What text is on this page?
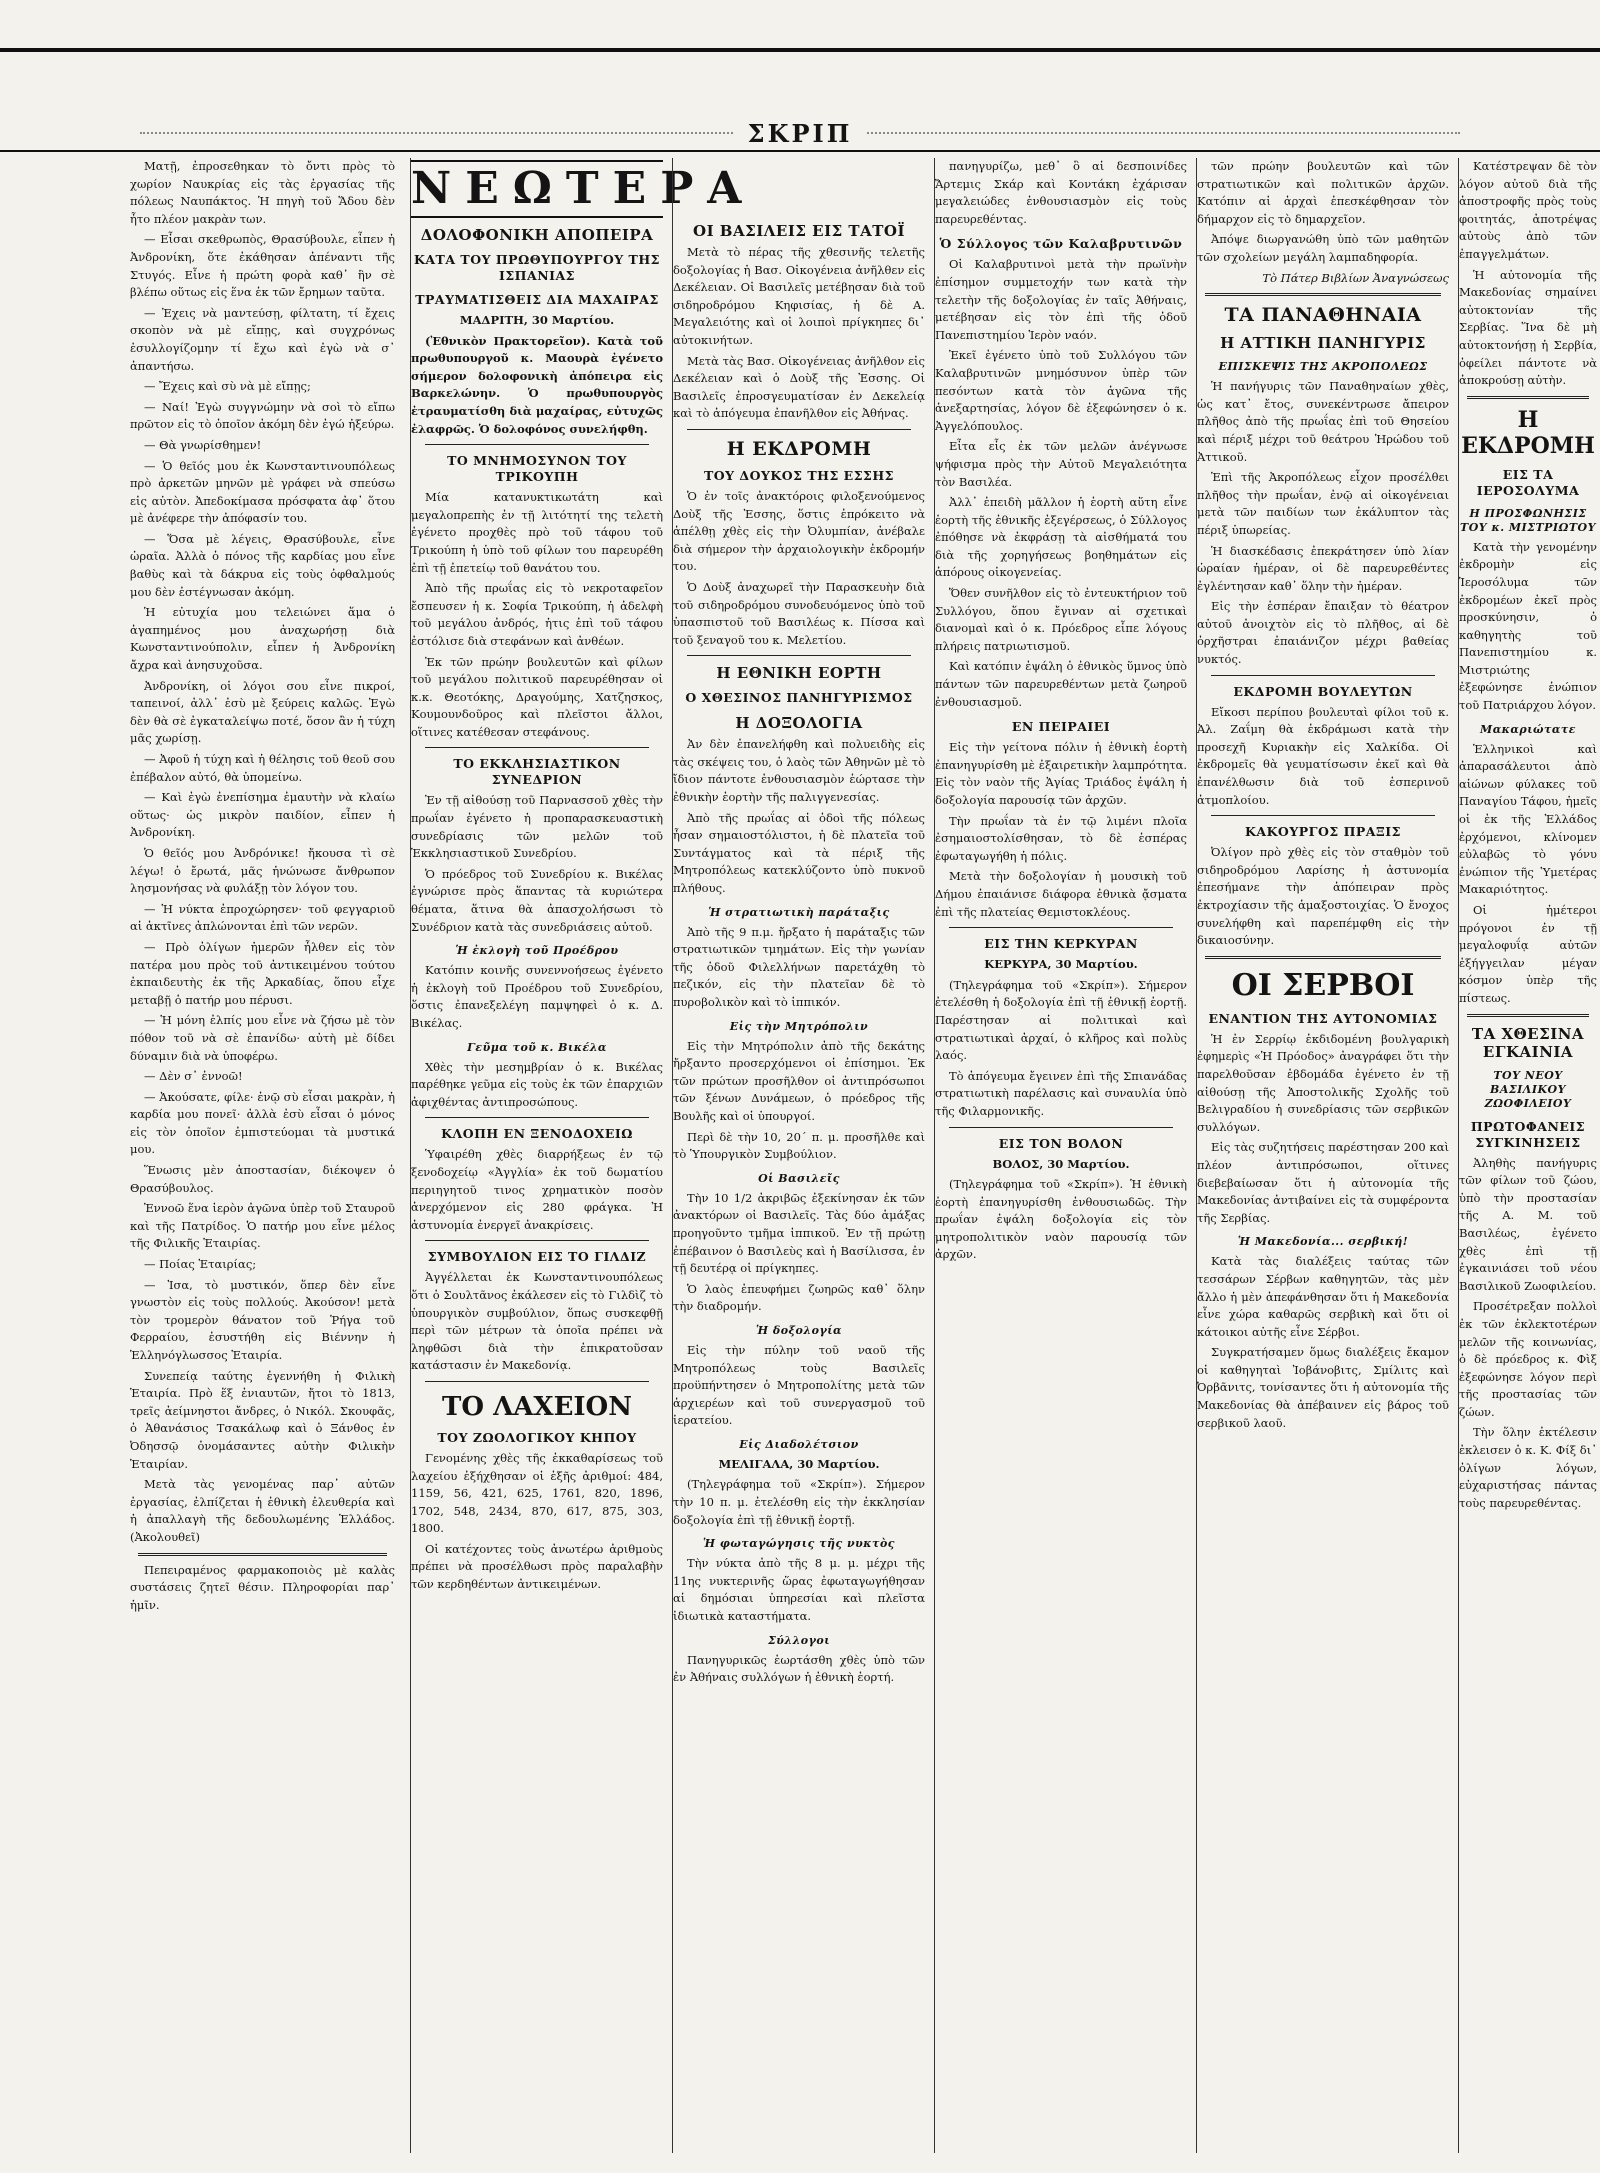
ΣΚΡΙΠ

Ματῇ, ἐπροσεθηκαν τὸ ὄντι πρὸς τὸ χωρίον Ναυκρίας εἰς τὰς ἐργασίας τῆς πόλεως Ναυπάκτος. Ἡ πηγὴ τοῦ Ἅδου δὲν ἦτο πλέον μακρὰν των.

— Εἶσαι σκεθρωπὸς, Θρασύβουλε, εἶπεν ἡ Ἀνδρονίκη, ὅτε ἐκάθησαν ἀπέναντι τῆς Στυγός. Εἶνε ἡ πρώτη φορὰ καθ᾽ ἣν σὲ βλέπω οὕτως εἰς ἕνα ἐκ τῶν ἔρημων ταῦτα.

— Ἐχεις νὰ μαντεύσῃ, φίλτατη, τί ἔχεις σκοπὸν νὰ μὲ εἴπῃς, καὶ συγχρόνως ἐσυλλογίζομην τί ἔχω καὶ ἐγὼ νὰ σ᾽ ἀπαντήσω.

— Ἔχεις καὶ σὺ νὰ μὲ εἴπῃς;

— Ναί! Ἐγὼ συγγνώμην νὰ σοὶ τὸ εἴπω πρῶτον εἰς τὸ ὁποῖον ἀκόμη δὲν ἐγώ ἠξεύρω.

— Θὰ γνωρίσθημεν!

— Ὁ θεῖός μου ἐκ Κωνσταντινουπόλεως πρὸ ἀρκετῶν μηνῶν μὲ γράφει νὰ σπεύσω εἰς αὐτὸν. Ἀπεδοκίμασα πρόσφατα ἀφ᾽ ὅτου μὲ ἀνέφερε τὴν ἀπόφασίν του.

— Ὅσα μὲ λέγεις, Θρασύβουλε, εἶνε ὡραῖα. Ἀλλὰ ὁ πόνος τῆς καρδίας μου εἶνε βαθὺς καὶ τὰ δάκρυα εἰς τοὺς ὀφθαλμούς μου δὲν ἐστέγνωσαν ἀκόμη.

Ἡ εὐτυχία μου τελειώνει ἅμα ὁ ἀγαπημένος μου ἀναχωρήσῃ διὰ Κωνσταντινούπολιν, εἶπεν ἡ Ἀνδρονίκη ἄχρα καὶ ἀνησυχοῦσα.

Ἀνδρονίκη, οἱ λόγοι σου εἶνε πικροί, ταπεινοί, ἀλλ᾽ ἐσὺ μὲ ξεύρεις καλῶς. Ἐγὼ δὲν θὰ σὲ ἐγκαταλείψω ποτέ, ὅσον ἂν ἡ τύχη μᾶς χωρίσῃ.

— Ἀφοῦ ἡ τύχη καὶ ἡ θέλησις τοῦ θεοῦ σου ἐπέβαλον αὐτό, θὰ ὑπομείνω.

— Καὶ ἐγὼ ἐνεπίσημα ἐμαυτὴν νὰ κλαίω οὕτως· ὡς μικρὸν παιδίον, εἶπεν ἡ Ἀνδρονίκη.

Ὁ θεῖός μου Ἀνδρόνικε! ἤκουσα τὶ σὲ λέγω! ὁ ἔρωτά, μᾶς ἠνώνωσε ἄνθρωπον λησμονήσας νὰ φυλάξῃ τὸν λόγον του.

— Ἡ νύκτα ἐπροχώρησεν· τοῦ φεγγαριοῦ αἱ ἀκτῖνες ἀπλώνονται ἐπὶ τῶν νερῶν.

— Πρὸ ὀλίγων ἡμερῶν ἦλθεν εἰς τὸν πατέρα μου πρὸς τοῦ ἀντικειμένου τούτου ἐκπαιδευτὴς ἐκ τῆς Ἀρκαδίας, ὅπου εἶχε μεταβῇ ὁ πατήρ μου πέρυσι.

— Ἡ μόνη ἐλπίς μου εἶνε νὰ ζήσω μὲ τὸν πόθον τοῦ νὰ σὲ ἐπανίδω· αὐτὴ μὲ δίδει δύναμιν διὰ νὰ ὑποφέρω.

— Δὲν σ᾽ ἐννοῶ!

— Ἀκούσατε, φίλε· ἐνῷ σὺ εἶσαι μακρὰν, ἡ καρδία μου πονεῖ· ἀλλὰ ἐσὺ εἶσαι ὁ μόνος εἰς τὸν ὁποῖον ἐμπιστεύομαι τὰ μυστικά μου.

Ἕνωσις μὲν ἀποστασίαν, διέκοψεν ὁ Θρασύβουλος.

Ἐννοῶ ἕνα ἱερὸν ἀγῶνα ὑπὲρ τοῦ Σταυροῦ καὶ τῆς Πατρίδος. Ὁ πατήρ μου εἶνε μέλος τῆς Φιλικῆς Ἑταιρίας.

— Ποίας Ἑταιρίας;

— Ἰσα, τὸ μυστικόν, ὅπερ δὲν εἶνε γνωστὸν εἰς τοὺς πολλούς. Ἀκούσον! μετὰ τὸν τρομερὸν θάνατον τοῦ Ῥήγα τοῦ Φερραίου, ἐσυστήθη εἰς Βιέννην ἡ Ἑλληνόγλωσσος Ἑταιρία.

Συνεπείᾳ ταύτης ἐγεννήθη ἡ Φιλικὴ Ἑταιρία. Πρὸ ἕξ ἐνιαυτῶν, ἤτοι τὸ 1813, τρεῖς ἀείμνηστοι ἄνδρες, ὁ Νικόλ. Σκουφᾶς, ὁ Ἀθανάσιος Τσακάλωφ καὶ ὁ Ξάνθος ἐν Ὀδησσῷ ὀνομάσαντες αὐτὴν Φιλικὴν Ἑταιρίαν.

Μετὰ τὰς γενομένας παρ᾽ αὐτῶν ἐργασίας, ἐλπίζεται ἡ ἐθνικὴ ἐλευθερία καὶ ἡ ἀπαλλαγὴ τῆς δεδουλωμένης Ἑλλάδος. (Ἀκολουθεῖ)

Πεπειραμένος φαρμακοποιὸς μὲ καλὰς συστάσεις ζητεῖ θέσιν. Πληροφορίαι παρ᾽ ἡμῖν.

ΝΕΩΤΕΡΑ
ΔΟΛΟΦΟΝΙΚΗ ΑΠΟΠΕΙΡΑ
ΚΑΤΑ ΤΟΥ ΠΡΩΘΥΠΟΥΡΓΟΥ ΤΗΣ ΙΣΠΑΝΙΑΣ
ΤΡΑΥΜΑΤΙΣΘΕΙΣ ΔΙΑ ΜΑΧΑΙΡΑΣ

ΜΑΔΡΙΤΗ, 30 Μαρτίου.

(Ἐθνικὸν Πρακτορεῖον). Κατὰ τοῦ πρωθυπουργοῦ κ. Μαουρὰ ἐγένετο σήμερον δολοφονικὴ ἀπόπειρα εἰς Βαρκελώνην. Ὁ πρωθυπουργὸς ἐτραυματίσθη διὰ μαχαίρας, εὐτυχῶς ἐλαφρῶς. Ὁ δολοφόνος συνελήφθη.

ΤΟ ΜΝΗΜΟΣΥΝΟΝ ΤΟΥ ΤΡΙΚΟΥΠΗ

Μία κατανυκτικωτάτη καὶ μεγαλοπρεπὴς ἐν τῇ λιτότητί της τελετὴ ἐγένετο προχθὲς πρὸ τοῦ τάφου τοῦ Τρικούπη ἡ ὑπὸ τοῦ φίλων του παρευρέθη ἐπὶ τῇ ἐπετείῳ τοῦ θανάτου του.

Ἀπὸ τῆς πρωΐας εἰς τὸ νεκροταφεῖον ἔσπευσεν ἡ κ. Σοφία Τρικούπη, ἡ ἀδελφὴ τοῦ μεγάλου ἀνδρός, ἡτις ἐπὶ τοῦ τάφου ἐστόλισε διὰ στεφάνων καὶ ἀνθέων.

Ἐκ τῶν πρώην βουλευτῶν καὶ φίλων τοῦ μεγάλου πολιτικοῦ παρευρέθησαν οἱ κ.κ. Θεοτόκης, Δραγούμης, Χατζησκος, Κουμουνδοῦρος καὶ πλεῖστοι ἄλλοι, οἵτινες κατέθεσαν στεφάνους.

ΤΟ ΕΚΚΛΗΣΙΑΣΤΙΚΟΝ ΣΥΝΕΔΡΙΟΝ

Ἐν τῇ αἰθούσῃ τοῦ Παρνασσοῦ χθὲς τὴν πρωΐαν ἐγένετο ἡ προπαρασκευαστικὴ συνεδρίασις τῶν μελῶν τοῦ Ἐκκλησιαστικοῦ Συνεδρίου.

Ὁ πρόεδρος τοῦ Συνεδρίου κ. Βικέλας ἐγνώρισε πρὸς ἅπαντας τὰ κυριώτερα θέματα, ἅτινα θὰ ἀπασχολήσωσι τὸ Συνέδριον κατὰ τὰς συνεδριάσεις αὐτοῦ.

Ἡ ἐκλογὴ τοῦ Προέδρου

Κατόπιν κοινῆς συνεννοήσεως ἐγένετο ἡ ἐκλογὴ τοῦ Προέδρου τοῦ Συνεδρίου, ὅστις ἐπανεξελέγη παμψηφεὶ ὁ κ. Δ. Βικέλας.

Γεῦμα τοῦ κ. Βικέλα

Χθὲς τὴν μεσημβρίαν ὁ κ. Βικέλας παρέθηκε γεῦμα εἰς τοὺς ἐκ τῶν ἐπαρχιῶν ἀφιχθέντας ἀντιπροσώπους.

ΚΛΟΠΗ ΕΝ ΞΕΝΟΔΟΧΕΙΩ

Ὑφαιρέθη χθὲς διαρρήξεως ἐν τῷ ξενοδοχείῳ «Ἀγγλία» ἐκ τοῦ δωματίου περιηγητοῦ τινος χρηματικὸν ποσὸν ἀνερχόμενον εἰς 280 φράγκα. Ἡ ἀστυνομία ἐνεργεῖ ἀνακρίσεις.

ΣΥΜΒΟΥΛΙΟΝ ΕΙΣ ΤΟ ΓΙΛΔΙΖ

Ἀγγέλλεται ἐκ Κωνσταντινουπόλεως ὅτι ὁ Σουλτᾶνος ἐκάλεσεν εἰς τὸ Γιλδὶζ τὸ ὑπουργικὸν συμβούλιον, ὅπως συσκεφθῇ περὶ τῶν μέτρων τὰ ὁποῖα πρέπει νὰ ληφθῶσι διὰ τὴν ἐπικρατοῦσαν κατάστασιν ἐν Μακεδονίᾳ.

ΤΟ ΛΑΧΕΙΟΝ
ΤΟΥ ΖΩΟΛΟΓΙΚΟΥ ΚΗΠΟΥ

Γενομένης χθὲς τῆς ἐκκαθαρίσεως τοῦ λαχείου ἐξήχθησαν οἱ ἑξῆς ἀριθμοί: 484, 1159, 56, 421, 625, 1761, 820, 1896, 1702, 548, 2434, 870, 617, 875, 303, 1800.

Οἱ κατέχοντες τοὺς ἀνωτέρω ἀριθμοὺς πρέπει νὰ προσέλθωσι πρὸς παραλαβὴν τῶν κερδηθέντων ἀντικειμένων.

ΟΙ ΒΑΣΙΛΕΙΣ ΕΙΣ ΤΑΤΟΪ

Μετὰ τὸ πέρας τῆς χθεσινῆς τελετῆς δοξολογίας ἡ Βασ. Οἰκογένεια ἀνῆλθεν εἰς Δεκέλειαν. Οἱ Βασιλεῖς μετέβησαν διὰ τοῦ σιδηροδρόμου Κηφισίας, ἡ δὲ Α. Μεγαλειότης καὶ οἱ λοιποὶ πρίγκηπες δι᾽ αὐτοκινήτων.

Μετὰ τὰς Βασ. Οἰκογένειας ἀνῆλθον εἰς Δεκέλειαν καὶ ὁ Δοὺξ τῆς Ἐσσης. Οἱ Βασιλεῖς ἐπροσγευματίσαν ἐν Δεκελείᾳ καὶ τὸ ἀπόγευμα ἐπανῆλθον εἰς Ἀθήνας.

Η ΕΚΔΡΟΜΗ
ΤΟΥ ΔΟΥΚΟΣ ΤΗΣ ΕΣΣΗΣ

Ὁ ἐν τοῖς ἀνακτόροις φιλοξενούμενος Δοὺξ τῆς Ἐσσης, ὅστις ἐπρόκειτο νὰ ἀπέλθῃ χθὲς εἰς τὴν Ὀλυμπίαν, ἀνέβαλε διὰ σήμερον τὴν ἀρχαιολογικὴν ἐκδρομήν του.

Ὁ Δοὺξ ἀναχωρεῖ τὴν Παρασκευὴν διὰ τοῦ σιδηροδρόμου συνοδευόμενος ὑπὸ τοῦ ὑπασπιστοῦ τοῦ Βασιλέως κ. Πίσσα καὶ τοῦ ξεναγοῦ του κ. Μελετίου.

Η ΕΘΝΙΚΗ ΕΟΡΤΗ
Ο ΧΘΕΣΙΝΟΣ ΠΑΝΗΓΥΡΙΣΜΟΣ
Η ΔΟΞΟΛΟΓΙΑ

Ἀν δὲν ἐπανελήφθη καὶ πολυειδὴς εἰς τὰς σκέψεις του, ὁ λαὸς τῶν Ἀθηνῶν μὲ τὸ ἴδιον πάντοτε ἐνθουσιασμὸν ἑώρτασε τὴν ἐθνικὴν ἑορτὴν τῆς παλιγγενεσίας.

Ἀπὸ τῆς πρωΐας αἱ ὁδοὶ τῆς πόλεως ἦσαν σημαιοστόλιστοι, ἡ δὲ πλατεῖα τοῦ Συντάγματος καὶ τὰ πέριξ τῆς Μητροπόλεως κατεκλύζοντο ὑπὸ πυκνοῦ πλήθους.

Ἡ στρατιωτικὴ παράταξις

Ἀπὸ τῆς 9 π.μ. ἤρξατο ἡ παράταξις τῶν στρατιωτικῶν τμημάτων. Εἰς τὴν γωνίαν τῆς ὁδοῦ Φιλελλήνων παρετάχθη τὸ πεζικόν, εἰς τὴν πλατεῖαν δὲ τὸ πυροβολικὸν καὶ τὸ ἱππικόν.

Εἰς τὴν Μητρόπολιν

Εἰς τὴν Μητρόπολιν ἀπὸ τῆς δεκάτης ἤρξαντο προσερχόμενοι οἱ ἐπίσημοι. Ἐκ τῶν πρώτων προσῆλθον οἱ ἀντιπρόσωποι τῶν ξένων Δυνάμεων, ὁ πρόεδρος τῆς Βουλῆς καὶ οἱ ὑπουργοί.

Περὶ δὲ τὴν 10, 20΄ π. μ. προσῆλθε καὶ τὸ Ὑπουργικὸν Συμβούλιον.

Οἱ Βασιλεῖς

Τὴν 10 1/2 ἀκριβῶς ἐξεκίνησαν ἐκ τῶν ἀνακτόρων οἱ Βασιλεῖς. Τὰς δύο ἁμάξας προηγοῦντο τμῆμα ἱππικοῦ. Ἐν τῇ πρώτῃ ἐπέβαινον ὁ Βασιλεὺς καὶ ἡ Βασίλισσα, ἐν τῇ δευτέρᾳ οἱ πρίγκηπες.

Ὁ λαὸς ἐπευφήμει ζωηρῶς καθ᾽ ὅλην τὴν διαδρομήν.

Ἡ δοξολογία

Εἰς τὴν πύλην τοῦ ναοῦ τῆς Μητροπόλεως τοὺς Βασιλεῖς προϋπήντησεν ὁ Μητροπολίτης μετὰ τῶν ἀρχιερέων καὶ τοῦ συνεργασμοῦ τοῦ ἱερατείου.

Εἰς Διαδολέτσιον

ΜΕΛΙΓΑΛΑ, 30 Μαρτίου.

(Τηλεγράφημα τοῦ «Σκρίπ»). Σήμερον τὴν 10 π. μ. ἐτελέσθη εἰς τὴν ἐκκλησίαν δοξολογία ἐπὶ τῇ ἐθνικῇ ἑορτῇ.

Ἡ φωταγώγησις τῆς νυκτὸς

Τὴν νύκτα ἀπὸ τῆς 8 μ. μ. μέχρι τῆς 11ης νυκτερινῆς ὥρας ἐφωταγωγήθησαν αἱ δημόσιαι ὑπηρεσίαι καὶ πλεῖστα ἰδιωτικὰ καταστήματα.

Σύλλογοι

Πανηγυρικῶς ἑωρτάσθη χθὲς ὑπὸ τῶν ἐν Ἀθήναις συλλόγων ἡ ἐθνικὴ ἑορτή.

πανηγυρίζω, μεθ᾽ ὃ αἱ δεσποινίδες Ἄρτεμις Σκάρ καὶ Κοντάκη ἐχάρισαν μεγαλειώδες ἐνθουσιασμὸν εἰς τοὺς παρευρεθέντας.

Ὁ Σύλλογος τῶν Καλαβρυτινῶν

Οἱ Καλαβρυτινοὶ μετὰ τὴν πρωϊνὴν ἐπίσημον συμμετοχήν των κατὰ τὴν τελετὴν τῆς δοξολογίας ἐν ταῖς Ἀθήναις, μετέβησαν εἰς τὸν ἐπὶ τῆς ὁδοῦ Πανεπιστημίου Ἱερὸν ναόν.

Ἐκεῖ ἐγένετο ὑπὸ τοῦ Συλλόγου τῶν Καλαβρυτινῶν μνημόσυνον ὑπὲρ τῶν πεσόντων κατὰ τὸν ἀγῶνα τῆς ἀνεξαρτησίας, λόγον δὲ ἐξεφώνησεν ὁ κ. Ἀγγελόπουλος.

Εἶτα εἷς ἐκ τῶν μελῶν ἀνέγνωσε ψήφισμα πρὸς τὴν Αὐτοῦ Μεγαλειότητα τὸν Βασιλέα.

Ἀλλ᾽ ἐπειδὴ μᾶλλον ἡ ἑορτὴ αὕτη εἶνε ἑορτὴ τῆς ἐθνικῆς ἐξεγέρσεως, ὁ Σύλλογος ἐπόθησε νὰ ἐκφράσῃ τὰ αἰσθήματά του διὰ τῆς χορηγήσεως βοηθημάτων εἰς ἀπόρους οἰκογενείας.

Ὅθεν συνῆλθον εἰς τὸ ἐντευκτήριον τοῦ Συλλόγου, ὅπου ἔγιναν αἱ σχετικαὶ διανομαὶ καὶ ὁ κ. Πρόεδρος εἶπε λόγους πλήρεις πατριωτισμοῦ.

Καὶ κατόπιν ἐψάλη ὁ ἐθνικὸς ὕμνος ὑπὸ πάντων τῶν παρευρεθέντων μετὰ ζωηροῦ ἐνθουσιασμοῦ.

ΕΝ ΠΕΙΡΑΙΕΙ

Εἰς τὴν γείτονα πόλιν ἡ ἐθνικὴ ἑορτὴ ἐπανηγυρίσθη μὲ ἐξαιρετικὴν λαμπρότητα. Εἰς τὸν ναὸν τῆς Ἁγίας Τριάδος ἐψάλη ἡ δοξολογία παρουσίᾳ τῶν ἀρχῶν.

Τὴν πρωΐαν τὰ ἐν τῷ λιμένι πλοῖα ἐσημαιοστολίσθησαν, τὸ δὲ ἑσπέρας ἐφωταγωγήθη ἡ πόλις.

Μετὰ τὴν δοξολογίαν ἡ μουσικὴ τοῦ Δήμου ἐπαιάνισε διάφορα ἐθνικὰ ᾄσματα ἐπὶ τῆς πλατείας Θεμιστοκλέους.

ΕΙΣ ΤΗΝ ΚΕΡΚΥΡΑΝ

ΚΕΡΚΥΡΑ, 30 Μαρτίου.

(Τηλεγράφημα τοῦ «Σκρίπ»). Σήμερον ἐτελέσθη ἡ δοξολογία ἐπὶ τῇ ἐθνικῇ ἑορτῇ. Παρέστησαν αἱ πολιτικαὶ καὶ στρατιωτικαὶ ἀρχαί, ὁ κλῆρος καὶ πολὺς λαός.

Τὸ ἀπόγευμα ἔγεινεν ἐπὶ τῆς Σπιανάδας στρατιωτικὴ παρέλασις καὶ συναυλία ὑπὸ τῆς Φιλαρμονικῆς.

ΕΙΣ ΤΟΝ ΒΟΛΟΝ

ΒΟΛΟΣ, 30 Μαρτίου.

(Τηλεγράφημα τοῦ «Σκρίπ»). Ἡ ἐθνικὴ ἑορτὴ ἐπανηγυρίσθη ἐνθουσιωδῶς. Τὴν πρωΐαν ἐψάλη δοξολογία εἰς τὸν μητροπολιτικὸν ναὸν παρουσίᾳ τῶν ἀρχῶν.

τῶν πρώην βουλευτῶν καὶ τῶν στρατιωτικῶν καὶ πολιτικῶν ἀρχῶν. Κατόπιν αἱ ἀρχαὶ ἐπεσκέφθησαν τὸν δήμαρχον εἰς τὸ δημαρχεῖον.

Ἀπόψε διωργανώθη ὑπὸ τῶν μαθητῶν τῶν σχολείων μεγάλη λαμπαδηφορία.

Τὸ Πάτερ Βιβλίων Ἀναγνώσεως

ΤΑ ΠΑΝΑΘΗΝΑΙΑ
Η ΑΤΤΙΚΗ ΠΑΝΗΓΥΡΙΣ
ΕΠΙΣΚΕΨΙΣ ΤΗΣ ΑΚΡΟΠΟΛΕΩΣ

Ἡ πανήγυρις τῶν Παναθηναίων χθὲς, ὡς κατ᾽ ἔτος, συνεκέντρωσε ἄπειρον πλῆθος ἀπὸ τῆς πρωΐας ἐπὶ τοῦ Θησείου καὶ πέριξ μέχρι τοῦ θεάτρου Ἡρώδου τοῦ Ἀττικοῦ.

Ἐπὶ τῆς Ἀκροπόλεως εἶχον προσέλθει πλῆθος τὴν πρωΐαν, ἐνῷ αἱ οἰκογένειαι μετὰ τῶν παιδίων των ἐκάλυπτον τὰς πέριξ ὑπωρείας.

Ἡ διασκέδασις ἐπεκράτησεν ὑπὸ λίαν ὡραίαν ἡμέραν, οἱ δὲ παρευρεθέντες ἐγλέντησαν καθ᾽ ὅλην τὴν ἡμέραν.

Εἰς τὴν ἑσπέραν ἔπαιξαν τὸ θέατρον αὐτοῦ ἀνοιχτὸν εἰς τὸ πλῆθος, αἱ δὲ ὀρχῆστραι ἐπαιάνιζον μέχρι βαθείας νυκτός.

ΕΚΔΡΟΜΗ ΒΟΥΛΕΥΤΩΝ

Εἴκοσι περίπου βουλευταὶ φίλοι τοῦ κ. Ἀλ. Ζαΐμη θὰ ἐκδράμωσι κατὰ τὴν προσεχῆ Κυριακὴν εἰς Χαλκίδα. Οἱ ἐκδρομεῖς θὰ γευματίσωσιν ἐκεῖ καὶ θὰ ἐπανέλθωσιν διὰ τοῦ ἑσπερινοῦ ἀτμοπλοίου.

ΚΑΚΟΥΡΓΟΣ ΠΡΑΞΙΣ

Ὀλίγον πρὸ χθὲς εἰς τὸν σταθμὸν τοῦ σιδηροδρόμου Λαρίσης ἡ ἀστυνομία ἐπεσήμανε τὴν ἀπόπειραν πρὸς ἐκτροχίασιν τῆς ἁμαξοστοιχίας. Ὁ ἔνοχος συνελήφθη καὶ παρεπέμφθη εἰς τὴν δικαιοσύνην.

ΟΙ ΣΕΡΒΟΙ
ΕΝΑΝΤΙΟΝ ΤΗΣ ΑΥΤΟΝΟΜΙΑΣ

Ἡ ἐν Σερρίῳ ἐκδιδομένη βουλγαρικὴ ἐφημερὶς «Ἡ Πρόοδος» ἀναγράφει ὅτι τὴν παρελθοῦσαν ἑβδομάδα ἐγένετο ἐν τῇ αἰθούσῃ τῆς Ἀποστολικῆς Σχολῆς τοῦ Βελιγραδίου ἡ συνεδρίασις τῶν σερβικῶν συλλόγων.

Εἰς τὰς συζητήσεις παρέστησαν 200 καὶ πλέον ἀντιπρόσωποι, οἵτινες διεβεβαίωσαν ὅτι ἡ αὐτονομία τῆς Μακεδονίας ἀντιβαίνει εἰς τὰ συμφέροντα τῆς Σερβίας.

Ἡ Μακεδονία... σερβική!

Κατὰ τὰς διαλέξεις ταύτας τῶν τεσσάρων Σέρβων καθηγητῶν, τὰς μὲν ἄλλο ἡ μὲν ἀπεφάνθησαν ὅτι ἡ Μακεδονία εἶνε χώρα καθαρῶς σερβικὴ καὶ ὅτι οἱ κάτοικοι αὐτῆς εἶνε Σέρβοι.

Συγκρατήσαμεν ὅμως διαλέξεις ἔκαμον οἱ καθηγηταὶ Ἰοβάνοβιτς, Σμίλιτς καὶ Ὀρβᾶνιτς, τονίσαντες ὅτι ἡ αὐτονομία τῆς Μακεδονίας θὰ ἀπέβαινεν εἰς βάρος τοῦ σερβικοῦ λαοῦ.

Κατέστρεψαν δὲ τὸν λόγον αὐτοῦ διὰ τῆς ἀποστροφῆς πρὸς τοὺς φοιτητάς, ἀποτρέψας αὐτοὺς ἀπὸ τῶν ἐπαγγελμάτων.

Ἡ αὐτονομία τῆς Μακεδονίας σημαίνει αὐτοκτονίαν τῆς Σερβίας. Ἵνα δὲ μὴ αὐτοκτονήσῃ ἡ Σερβία, ὀφείλει πάντοτε νὰ ἀποκρούσῃ αὐτὴν.

Η ΕΚΔΡΟΜΗ
ΕΙΣ ΤΑ ΙΕΡΟΣΟΛΥΜΑ
Η ΠΡΟΣΦΩΝΗΣΙΣ ΤΟΥ κ. ΜΙΣΤΡΙΩΤΟΥ

Κατὰ τὴν γενομένην ἐκδρομὴν εἰς Ἱεροσόλυμα τῶν ἐκδρομέων ἐκεῖ πρὸς προσκύνησιν, ὁ καθηγητὴς τοῦ Πανεπιστημίου κ. Μιστριώτης ἐξεφώνησε ἐνώπιον τοῦ Πατριάρχου λόγον.

Μακαριώτατε

Ἑλληνικοὶ καὶ ἀπαρασάλευτοι ἀπὸ αἰώνων φύλακες τοῦ Παναγίου Τάφου, ἡμεῖς οἱ ἐκ τῆς Ἑλλάδος ἐρχόμενοι, κλίνομεν εὐλαβῶς τὸ γόνυ ἐνώπιον τῆς Ὑμετέρας Μακαριότητος.

Οἱ ἡμέτεροι πρόγονοι ἐν τῇ μεγαλοφυΐᾳ αὐτῶν ἐξήγγειλαν μέγαν κόσμον ὑπὲρ τῆς πίστεως.

ΤΑ ΧΘΕΣΙΝΑ ΕΓΚΑΙΝΙΑ
ΤΟΥ ΝΕΟΥ ΒΑΣΙΛΙΚΟΥ ΖΩΟΦΙΛΕΙΟΥ
ΠΡΩΤΟΦΑΝΕΙΣ ΣΥΓΚΙΝΗΣΕΙΣ

Ἀληθὴς πανήγυρις τῶν φίλων τοῦ ζώου, ὑπὸ τὴν προστασίαν τῆς Α. Μ. τοῦ Βασιλέως, ἐγένετο χθὲς ἐπὶ τῇ ἐγκαινιάσει τοῦ νέου Βασιλικοῦ Ζωοφιλείου.

Προσέτρεξαν πολλοὶ ἐκ τῶν ἐκλεκτοτέρων μελῶν τῆς κοινωνίας, ὁ δὲ πρόεδρος κ. Φὶξ ἐξεφώνησε λόγον περὶ τῆς προστασίας τῶν ζώων.

Τὴν ὅλην ἐκτέλεσιν ἐκλεισεν ὁ κ. Κ. Φίξ δι᾽ ὀλίγων λόγων, εὐχαριστήσας πάντας τοὺς παρευρεθέντας.
